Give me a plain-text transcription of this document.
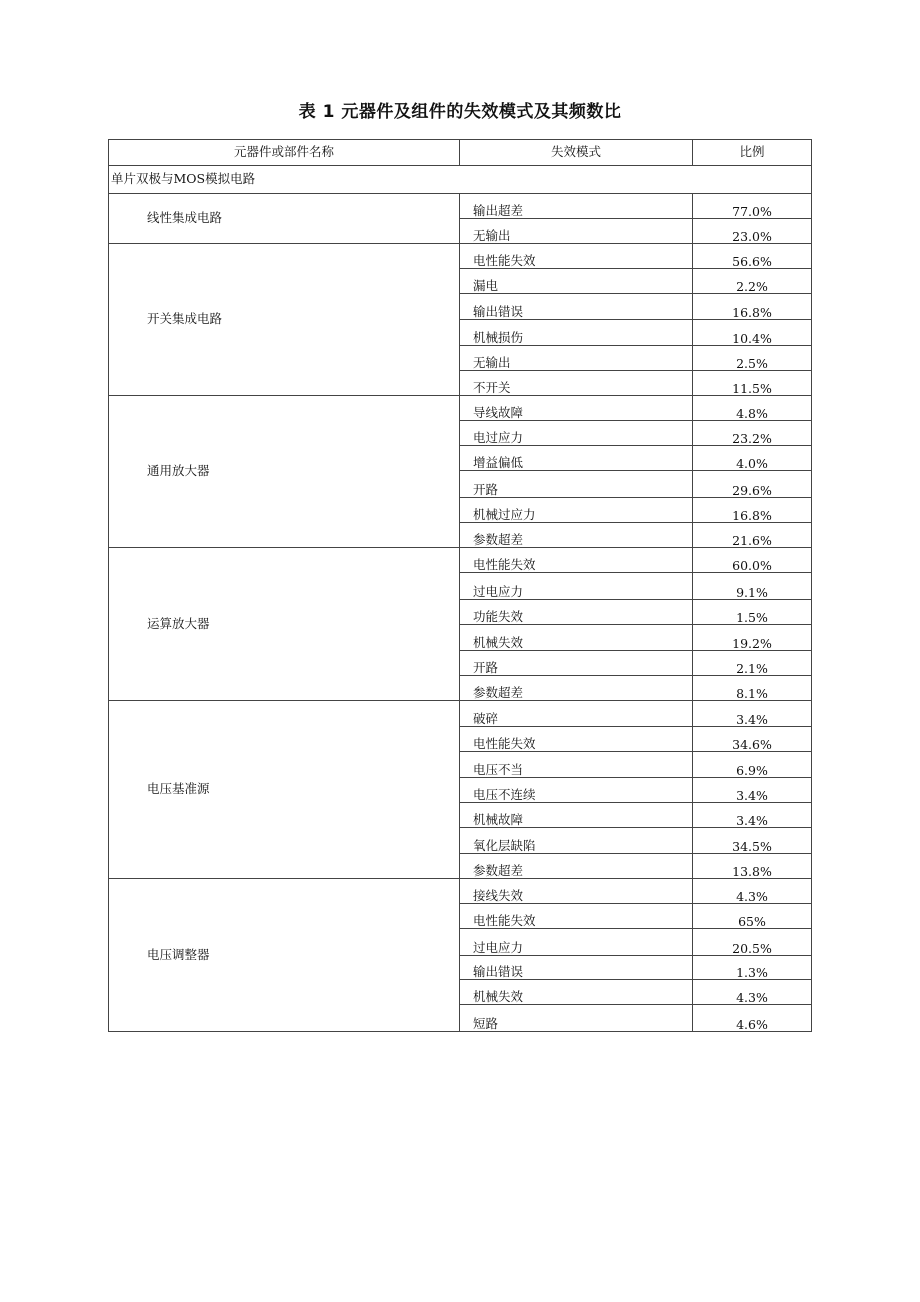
表 1 元器件及组件的失效模式及其频数比
元器件或部件名称	失效模式	比例
单片双极与MOS模拟电路		
线性集成电路	输出超差	77.0%
	无输出	23.0%
开关集成电路	电性能失效	56.6%
	漏电	2.2%
	输出错误	16.8%
	机械损伤	10.4%
	无输出	2.5%
	不开关	11.5%
通用放大器	导线故障	4.8%
	电过应力	23.2%
	增益偏低	4.0%
	开路	29.6%
	机械过应力	16.8%
	参数超差	21.6%
运算放大器	电性能失效	60.0%
	过电应力	9.1%
	功能失效	1.5%
	机械失效	19.2%
	开路	2.1%
	参数超差	8.1%
电压基准源	破碎	3.4%
	电性能失效	34.6%
	电压不当	6.9%
	电压不连续	3.4%
	机械故障	3.4%
	氧化层缺陷	34.5%
	参数超差	13.8%
电压调整器	接线失效	4.3%
	电性能失效	65%
	过电应力	20.5%
	输出错误	1.3%
	机械失效	4.3%
	短路	4.6%
